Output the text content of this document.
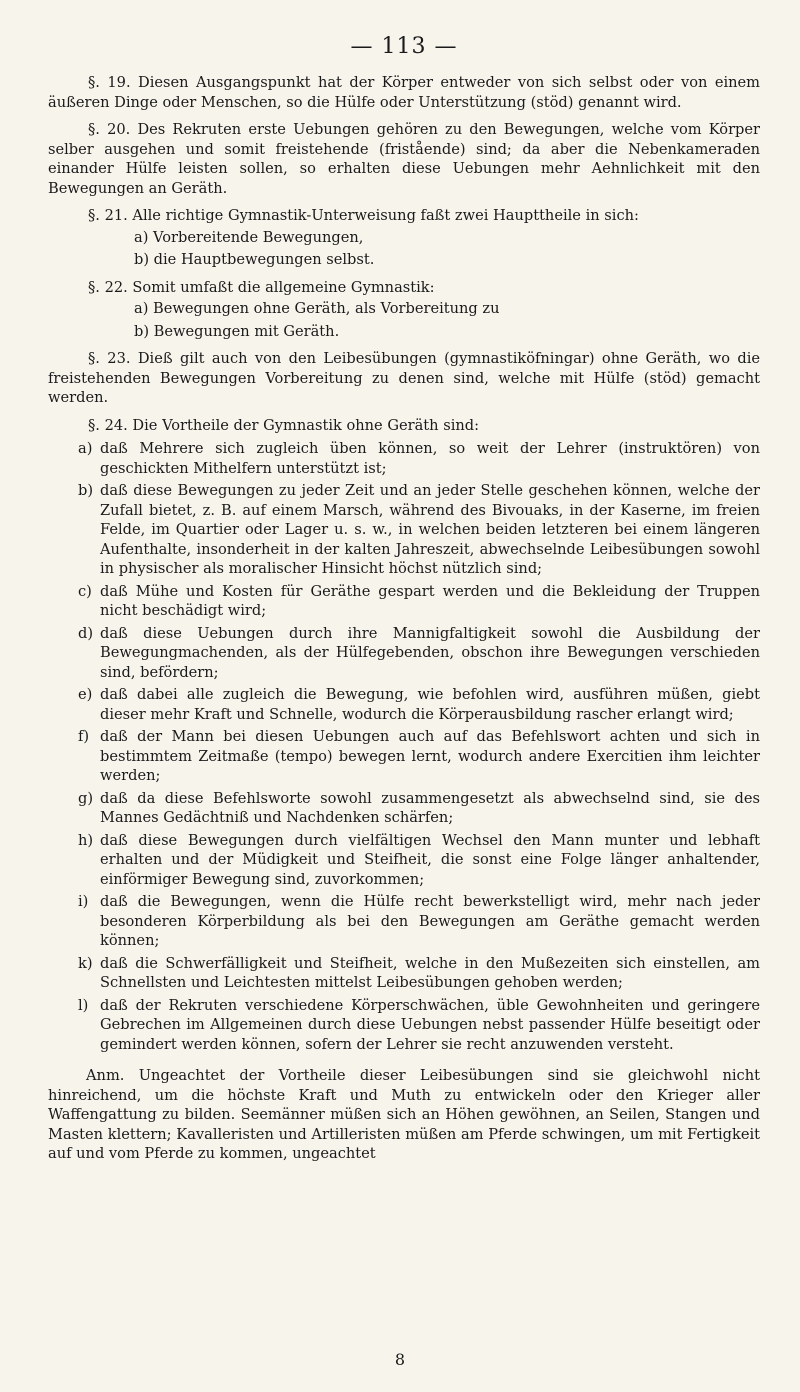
— 113 —

§. 19. Diesen Ausgangspunkt hat der Körper entweder von sich selbst oder von einem äußeren Dinge oder Menschen, so die Hülfe oder Unterstützung (stöd) genannt wird.

§. 20. Des Rekruten erste Uebungen gehören zu den Bewegungen, welche vom Körper selber ausgehen und somit freistehende (fristående) sind; da aber die Nebenkameraden einander Hülfe leisten sollen, so erhalten diese Uebungen mehr Aehnlichkeit mit den Bewegungen an Geräth.

§. 21. Alle richtige Gymnastik-Unterweisung faßt zwei Haupttheile in sich:

a) Vorbereitende Bewegungen,
b) die Hauptbewegungen selbst.

§. 22. Somit umfaßt die allgemeine Gymnastik:

a) Bewegungen ohne Geräth, als Vorbereitung zu
b) Bewegungen mit Geräth.

§. 23. Dieß gilt auch von den Leibesübungen (gymnastiköfningar) ohne Geräth, wo die freistehenden Bewegungen Vorbereitung zu denen sind, welche mit Hülfe (stöd) gemacht werden.

§. 24. Die Vortheile der Gymnastik ohne Geräth sind:

a) daß Mehrere sich zugleich üben können, so weit der Lehrer (instruktören) von geschickten Mithelfern unterstützt ist;
b) daß diese Bewegungen zu jeder Zeit und an jeder Stelle geschehen können, welche der Zufall bietet, z. B. auf einem Marsch, während des Bivouaks, in der Kaserne, im freien Felde, im Quartier oder Lager u. s. w., in welchen beiden letzteren bei einem längeren Aufenthalte, insonderheit in der kalten Jahreszeit, abwechselnde Leibesübungen sowohl in physischer als moralischer Hinsicht höchst nützlich sind;
c) daß Mühe und Kosten für Geräthe gespart werden und die Bekleidung der Truppen nicht beschädigt wird;
d) daß diese Uebungen durch ihre Mannigfaltigkeit sowohl die Ausbildung der Bewegungmachenden, als der Hülfegebenden, obschon ihre Bewegungen verschieden sind, befördern;
e) daß dabei alle zugleich die Bewegung, wie befohlen wird, ausführen müßen, giebt dieser mehr Kraft und Schnelle, wodurch die Körperausbildung rascher erlangt wird;
f) daß der Mann bei diesen Uebungen auch auf das Befehlswort achten und sich in bestimmtem Zeitmaße (tempo) bewegen lernt, wodurch andere Exercitien ihm leichter werden;
g) daß da diese Befehlsworte sowohl zusammengesetzt als abwechselnd sind, sie des Mannes Gedächtniß und Nachdenken schärfen;
h) daß diese Bewegungen durch vielfältigen Wechsel den Mann munter und lebhaft erhalten und der Müdigkeit und Steifheit, die sonst eine Folge länger anhaltender, einförmiger Bewegung sind, zuvorkommen;
i) daß die Bewegungen, wenn die Hülfe recht bewerkstelligt wird, mehr nach jeder besonderen Körperbildung als bei den Bewegungen am Geräthe gemacht werden können;
k) daß die Schwerfälligkeit und Steifheit, welche in den Mußezeiten sich einstellen, am Schnellsten und Leichtesten mittelst Leibesübungen gehoben werden;
l) daß der Rekruten verschiedene Körperschwächen, üble Gewohnheiten und geringere Gebrechen im Allgemeinen durch diese Uebungen nebst passender Hülfe beseitigt oder gemindert werden können, sofern der Lehrer sie recht anzuwenden versteht.

Anm. Ungeachtet der Vortheile dieser Leibesübungen sind sie gleichwohl nicht hinreichend, um die höchste Kraft und Muth zu entwickeln oder den Krieger aller Waffengattung zu bilden. Seemänner müßen sich an Höhen gewöhnen, an Seilen, Stangen und Masten klettern; Kavalleristen und Artilleristen müßen am Pferde schwingen, um mit Fertigkeit auf und vom Pferde zu kommen, ungeachtet

8
